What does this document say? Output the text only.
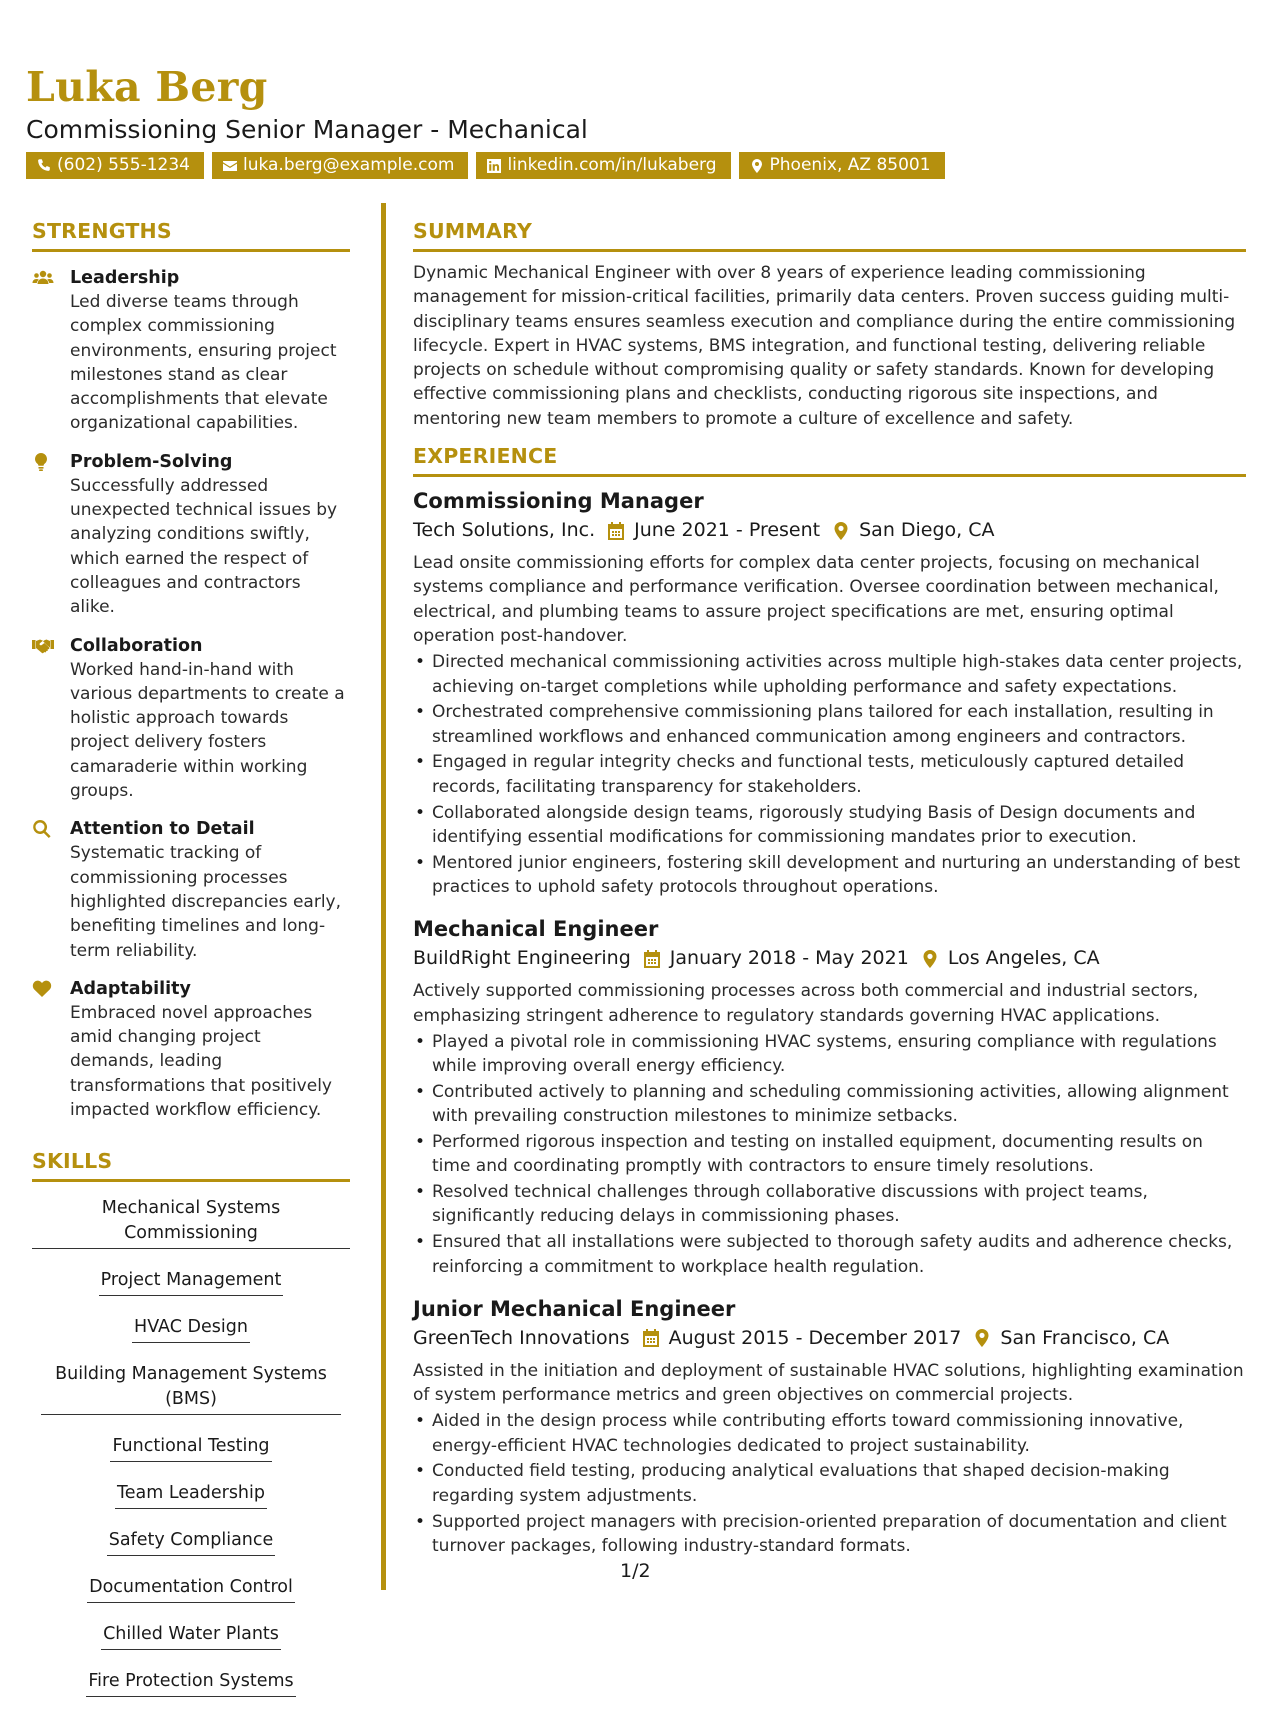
Luka Berg
Commissioning Senior Manager - Mechanical
(602) 555-1234	luka.berg@example.com	linkedin.com/in/lukaberg	Phoenix, AZ 85001
STRENGTHS
Leadership
Led diverse teams through complex commissioning environments, ensuring project milestones stand as clear accomplishments that elevate organizational capabilities.
Problem-Solving
Successfully addressed unexpected technical issues by analyzing conditions swiftly, which earned the respect of colleagues and contractors alike.
Collaboration
Worked hand-in-hand with various departments to create a holistic approach towards project delivery fosters camaraderie within working groups.
Attention to Detail
Systematic tracking of commissioning processes highlighted discrepancies early, benefiting timelines and long-term reliability.
Adaptability
Embraced novel approaches amid changing project demands, leading transformations that positively impacted workflow efficiency.
SKILLS
Mechanical Systems Commissioning
Project Management
HVAC Design
Building Management Systems (BMS)
Functional Testing
Team Leadership
Safety Compliance
Documentation Control
Chilled Water Plants
Fire Protection Systems
SUMMARY
Dynamic Mechanical Engineer with over 8 years of experience leading commissioning management for mission-critical facilities, primarily data centers. Proven success guiding multi-disciplinary teams ensures seamless execution and compliance during the entire commissioning lifecycle. Expert in HVAC systems, BMS integration, and functional testing, delivering reliable projects on schedule without compromising quality or safety standards. Known for developing effective commissioning plans and checklists, conducting rigorous site inspections, and mentoring new team members to promote a culture of excellence and safety.
EXPERIENCE
Commissioning Manager
Tech Solutions, Inc. June 2021 - Present San Diego, CA
Lead onsite commissioning efforts for complex data center projects, focusing on mechanical systems compliance and performance verification. Oversee coordination between mechanical, electrical, and plumbing teams to assure project specifications are met, ensuring optimal operation post-handover.
• Directed mechanical commissioning activities across multiple high-stakes data center projects, achieving on-target completions while upholding performance and safety expectations.
• Orchestrated comprehensive commissioning plans tailored for each installation, resulting in streamlined workflows and enhanced communication among engineers and contractors.
• Engaged in regular integrity checks and functional tests, meticulously captured detailed records, facilitating transparency for stakeholders.
• Collaborated alongside design teams, rigorously studying Basis of Design documents and identifying essential modifications for commissioning mandates prior to execution.
• Mentored junior engineers, fostering skill development and nurturing an understanding of best practices to uphold safety protocols throughout operations.
Mechanical Engineer
BuildRight Engineering January 2018 - May 2021 Los Angeles, CA
Actively supported commissioning processes across both commercial and industrial sectors, emphasizing stringent adherence to regulatory standards governing HVAC applications.
• Played a pivotal role in commissioning HVAC systems, ensuring compliance with regulations while improving overall energy efficiency.
• Contributed actively to planning and scheduling commissioning activities, allowing alignment with prevailing construction milestones to minimize setbacks.
• Performed rigorous inspection and testing on installed equipment, documenting results on time and coordinating promptly with contractors to ensure timely resolutions.
• Resolved technical challenges through collaborative discussions with project teams, significantly reducing delays in commissioning phases.
• Ensured that all installations were subjected to thorough safety audits and adherence checks, reinforcing a commitment to workplace health regulation.
Junior Mechanical Engineer
GreenTech Innovations August 2015 - December 2017 San Francisco, CA
Assisted in the initiation and deployment of sustainable HVAC solutions, highlighting examination of system performance metrics and green objectives on commercial projects.
• Aided in the design process while contributing efforts toward commissioning innovative, energy-efficient HVAC technologies dedicated to project sustainability.
• Conducted field testing, producing analytical evaluations that shaped decision-making regarding system adjustments.
• Supported project managers with precision-oriented preparation of documentation and client turnover packages, following industry-standard formats.
1/2
